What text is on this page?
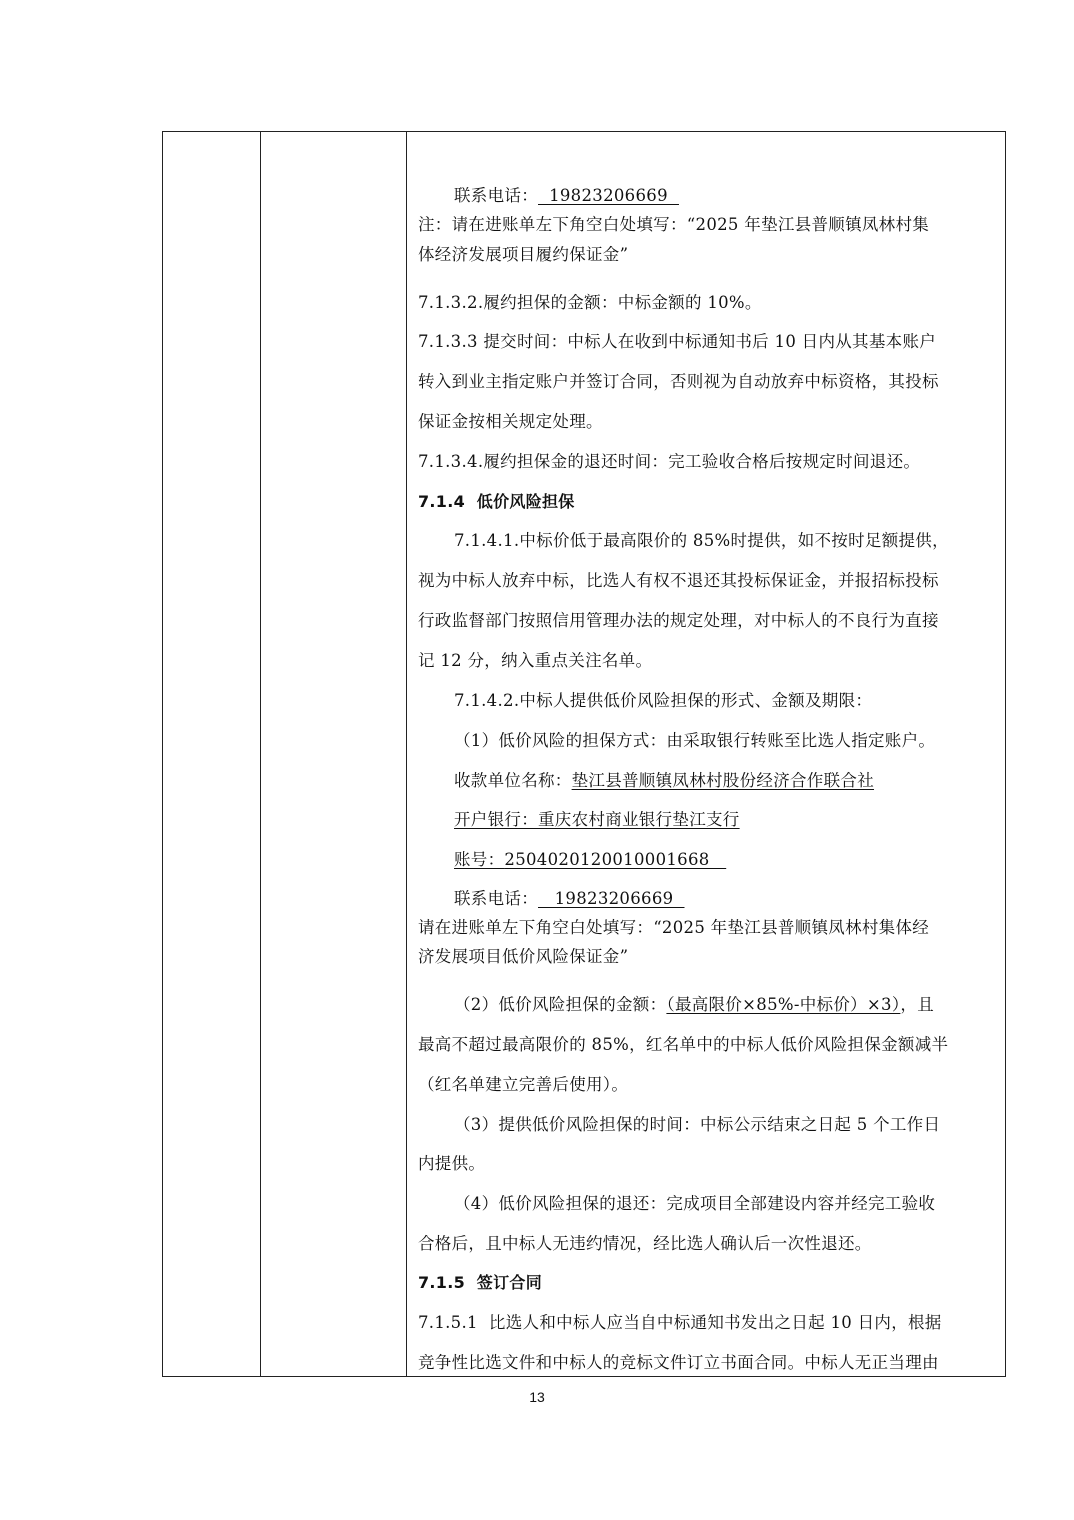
联系电话：  19823206669
注：请在进账单左下角空白处填写：“2025 年垫江县普顺镇凤林村集
体经济发展项目履约保证金”
7.1.3.2.履约担保的金额：中标金额的 10%。
7.1.3.3 提交时间：中标人在收到中标通知书后 10 日内从其基本账户
转入到业主指定账户并签订合同，否则视为自动放弃中标资格，其投标
保证金按相关规定处理。
7.1.3.4.履约担保金的退还时间：完工验收合格后按规定时间退还。
7.1.4  低价风险担保
7.1.4.1.中标价低于最高限价的 85%时提供，如不按时足额提供，
视为中标人放弃中标，比选人有权不退还其投标保证金，并报招标投标
行政监督部门按照信用管理办法的规定处理，对中标人的不良行为直接
记 12 分，纳入重点关注名单。
7.1.4.2.中标人提供低价风险担保的形式、金额及期限：
（1）低价风险的担保方式：由采取银行转账至比选人指定账户。
收款单位名称：垫江县普顺镇凤林村股份经济合作联合社
开户银行：重庆农村商业银行垫江支行
账号：2504020120010001668
联系电话：   19823206669
请在进账单左下角空白处填写：“2025 年垫江县普顺镇凤林村集体经
济发展项目低价风险保证金”
（2）低价风险担保的金额：（最高限价×85%-中标价）×3），且
最高不超过最高限价的 85%，红名单中的中标人低价风险担保金额减半
（红名单建立完善后使用）。
（3）提供低价风险担保的时间：中标公示结束之日起 5 个工作日
内提供。
（4）低价风险担保的退还：完成项目全部建设内容并经完工验收
合格后，且中标人无违约情况，经比选人确认后一次性退还。
7.1.5  签订合同
7.1.5.1  比选人和中标人应当自中标通知书发出之日起 10 日内，根据
竞争性比选文件和中标人的竞标文件订立书面合同。中标人无正当理由
13
